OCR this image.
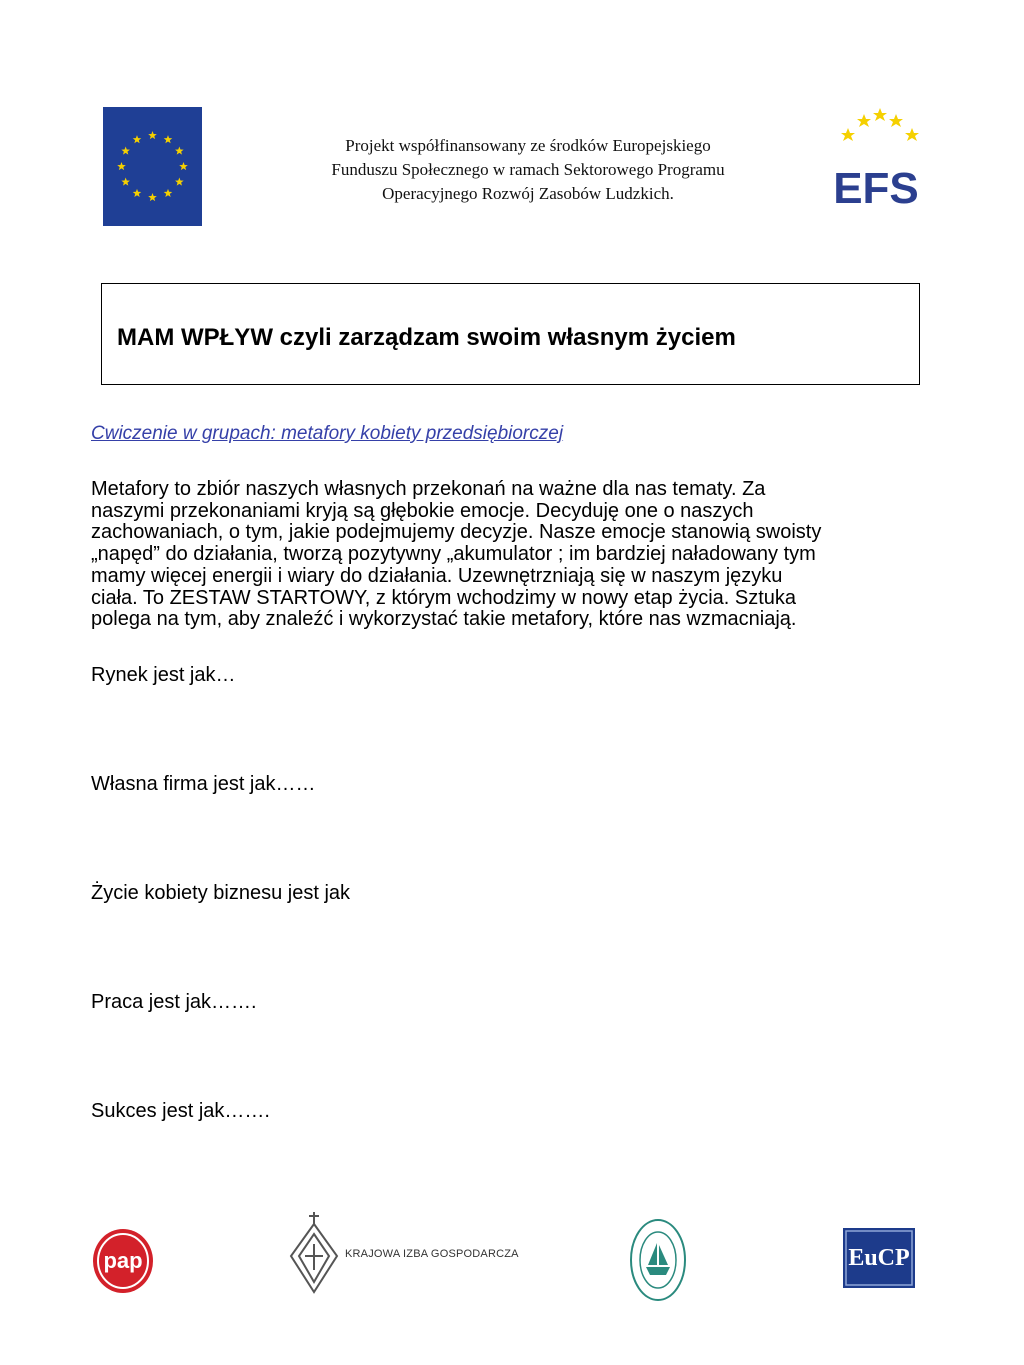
Projekt współfinansowany ze środków Europejskiego
Funduszu Społecznego w ramach Sektorowego Programu
Operacyjnego Rozwój Zasobów Ludzkich.	EFS
MAM WPŁYW czyli zarządzam swoim własnym życiem
Cwiczenie w grupach: metafory kobiety przedsiębiorczej
Metafory to zbiór naszych własnych przekonań na ważne dla nas tematy. Za
naszymi przekonaniami kryją są głębokie emocje. Decyduję one o naszych
zachowaniach, o tym, jakie podejmujemy decyzje. Nasze emocje stanowią swoisty
„napęd” do działania, tworzą pozytywny „akumulator ; im bardziej naładowany tym
mamy więcej energii i wiary do działania. Uzewnętrzniają się w naszym języku
ciała. To ZESTAW STARTOWY, z którym wchodzimy w nowy etap życia. Sztuka
polega na tym, aby znaleźć i wykorzystać takie metafory, które nas wzmacniają.
Rynek jest jak…
Własna firma jest jak……
Życie kobiety biznesu jest jak
Praca jest jak…….
Sukces jest jak…….
pap	KRAJOWA IZBA GOSPODARCZA	EuCP
